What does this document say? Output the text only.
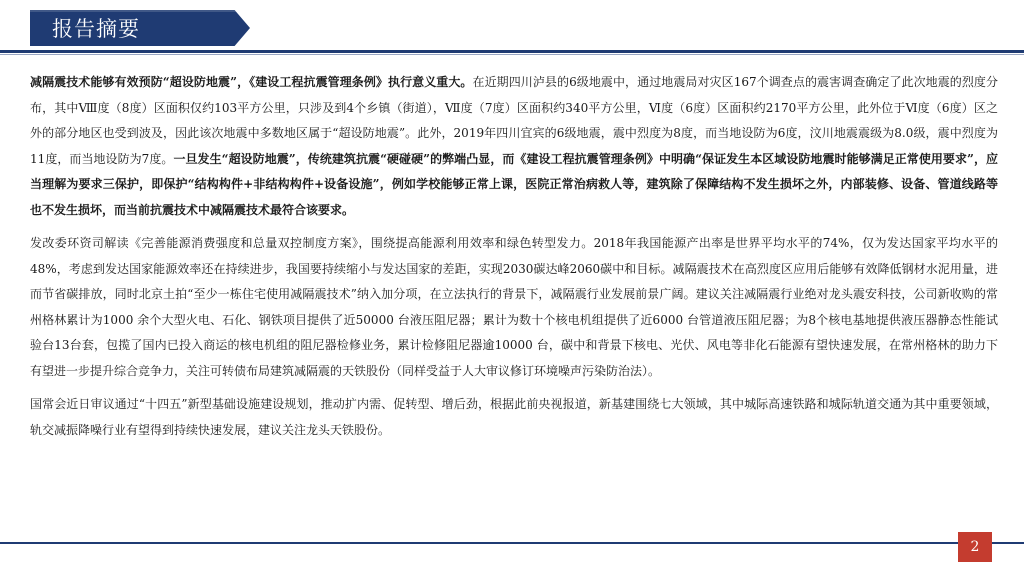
报告摘要

减隔震技术能够有效预防“超设防地震”，《建设工程抗震管理条例》执行意义重大。在近期四川泸县的6级地震中，通过地震局对灾区167个调查点的震害调查确定了此次地震的烈度分布，其中Ⅷ度（8度）区面积仅约103平方公里，只涉及到4个乡镇（街道），Ⅶ度（7度）区面积约340平方公里，Ⅵ度（6度）区面积约2170平方公里，此外位于Ⅵ度（6度）区之外的部分地区也受到波及，因此该次地震中多数地区属于“超设防地震”。此外，2019年四川宜宾的6级地震，震中烈度为8度，而当地设防为6度，汶川地震震级为8.0级，震中烈度为11度，而当地设防为7度。一旦发生“超设防地震”，传统建筑抗震“硬碰硬”的弊端凸显，而《建设工程抗震管理条例》中明确“保证发生本区域设防地震时能够满足正常使用要求”，应当理解为要求三保护，即保护“结构构件+非结构构件+设备设施”，例如学校能够正常上课，医院正常治病救人等，建筑除了保障结构不发生损坏之外，内部装修、设备、管道线路等也不发生损坏，而当前抗震技术中减隔震技术最符合该要求。

发改委环资司解读《完善能源消费强度和总量双控制度方案》，围绕提高能源利用效率和绿色转型发力。2018年我国能源产出率是世界平均水平的74%，仅为发达国家平均水平的48%，考虑到发达国家能源效率还在持续进步，我国要持续缩小与发达国家的差距，实现2030碳达峰2060碳中和目标。减隔震技术在高烈度区应用后能够有效降低钢材水泥用量，进而节省碳排放，同时北京土拍“至少一栋住宅使用减隔震技术”纳入加分项，在立法执行的背景下，减隔震行业发展前景广阔。建议关注减隔震行业绝对龙头震安科技，公司新收购的常州格林累计为1000 余个大型火电、石化、钢铁项目提供了近50000 台液压阻尼器；累计为数十个核电机组提供了近6000 台管道液压阻尼器；为8个核电基地提供液压器静态性能试验台13台套，包揽了国内已投入商运的核电机组的阻尼器检修业务，累计检修阻尼器逾10000 台，碳中和背景下核电、光伏、风电等非化石能源有望快速发展，在常州格林的助力下有望进一步提升综合竞争力，关注可转债布局建筑减隔震的天铁股份（同样受益于人大审议修订环境噪声污染防治法）。

国常会近日审议通过“十四五”新型基础设施建设规划，推动扩内需、促转型、增后劲，根据此前央视报道，新基建围绕七大领域，其中城际高速铁路和城际轨道交通为其中重要领域，轨交减振降噪行业有望得到持续快速发展，建议关注龙头天铁股份。

2
